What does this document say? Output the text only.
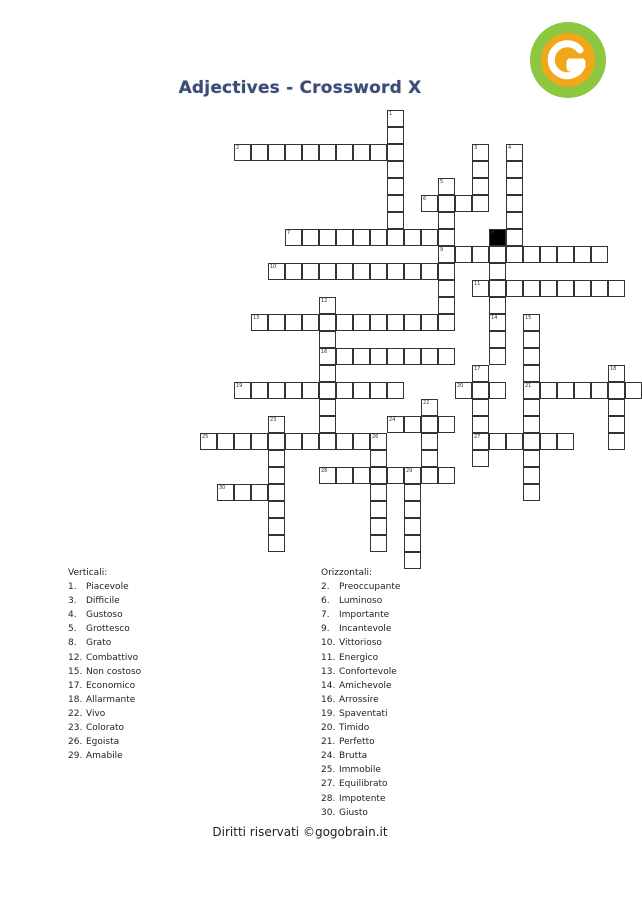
Adjectives - Crossword X
1
2	3	4
5
9
6
7	8
14
10
11
12
16
13	15
21
17
27
18
19	20
22
23	24
25	26
28	29
30
Verticali:
1.	Piacevole
3.	Difficile
4.	Gustoso
5.	Grottesco
8.	Grato
12. Combattivo
15. Non costoso
17. Economico
18. Allarmante
22. Vivo
23. Colorato
26. Egoista
29. Amabile
Orizzontali:
2.	Preoccupante
6.	Luminoso
7.	Importante
9.	Incantevole
10. Vittorioso
11. Energico
13. Confortevole
14. Amichevole
16. Arrossire
19. Spaventati
20. Timido
21. Perfetto
24. Brutta
25. Immobile
27. Equilibrato
28. Impotente
30. Giusto
Diritti riservati ©gogobrain.it
